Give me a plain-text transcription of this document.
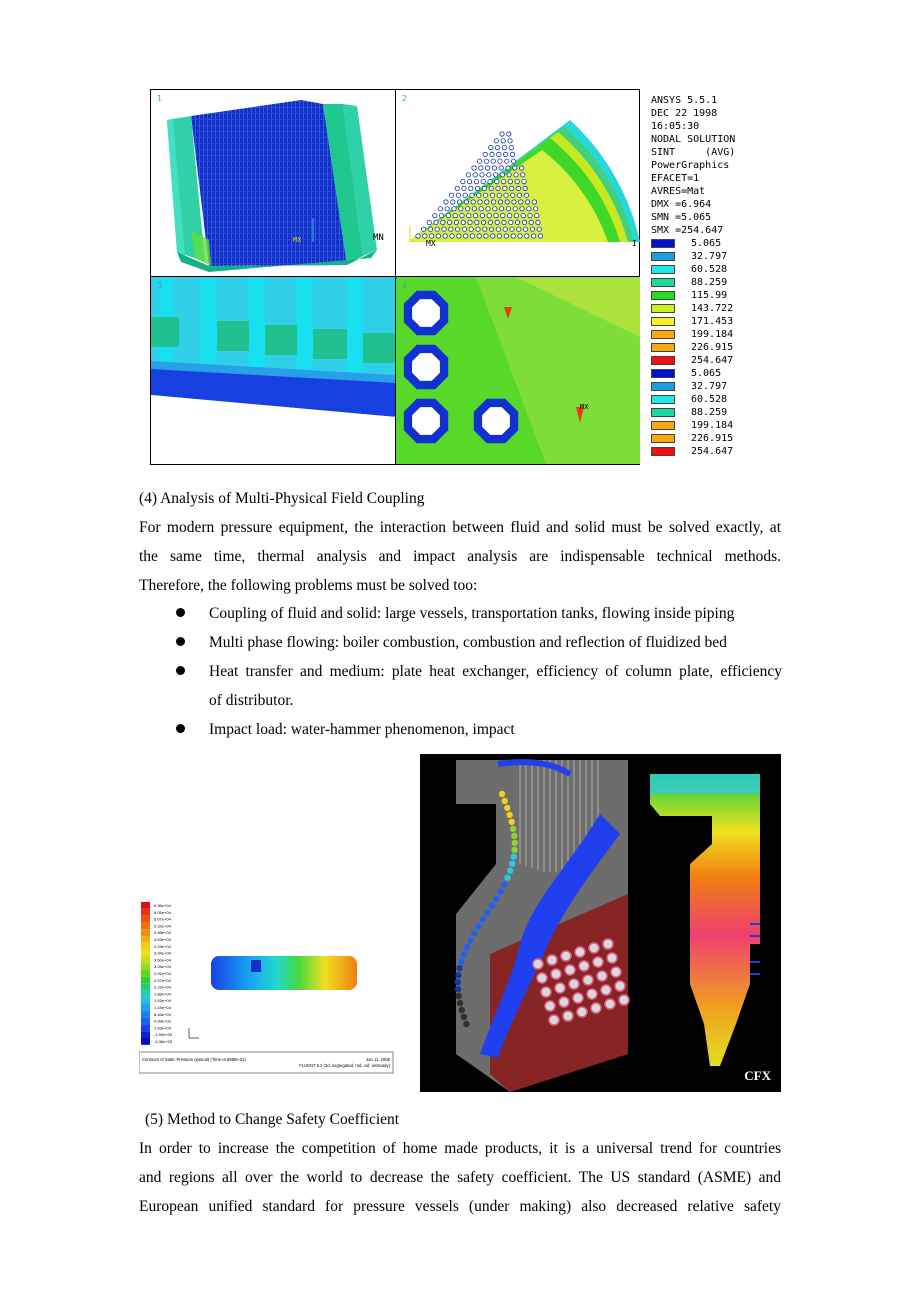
1
MX	MN
2
MX	I
3
MX
4
ANSYS 5.5.1
DEC 22 1998
16:05:30
NODAL SOLUTION
SINT     (AVG)
PowerGraphics
EFACET=1
AVRES=Mat
DMX =6.964
SMN =5.065
SMX =254.647
5.065
32.797
60.528
88.259
115.99
143.722
171.453
199.184
226.915
254.647
5.065
32.797
60.528
88.259
199.184
226.915
254.647
(4) Analysis of Multi-Physical Field Coupling
For modern pressure equipment, the interaction between fluid and solid must be solved exactly, at
the same time, thermal analysis and impact analysis are indispensable technical methods.
Therefore, the following problems must be solved too:
Coupling of fluid and solid: large vessels, transportation tanks, flowing inside piping
Multi phase flowing: boiler combustion, combustion and reflection of fluidized bed
Heat transfer and medium: plate heat exchanger, efficiency of column plate, efficiency
of distributor.
Impact load: water-hammer phenomenon, impact
6.36e+04
6.05e+04
5.67e+04
5.32e+04
4.98e+04
4.63e+04
4.29e+04
3.94e+04
3.60e+04
3.26e+04
2.91e+04
2.57e+04
2.22e+04
1.88e+04
1.53e+04
1.19e+04
8.45e+03
4.98e+03
1.53e+03
-1.90e+03
-5.36e+03
Contours of Static Pressure (pascal) (Time=9.9980e-01)	Jan 11, 2006
FLUENT 6.2 (3d, segregated, rnd, vof, unsteady)
CFX
(5) Method to Change Safety Coefficient
In order to increase the competition of home made products, it is a universal trend for countries
and regions all over the world to decrease the safety coefficient. The US standard (ASME) and
European unified standard for pressure vessels (under making) also decreased relative safety
